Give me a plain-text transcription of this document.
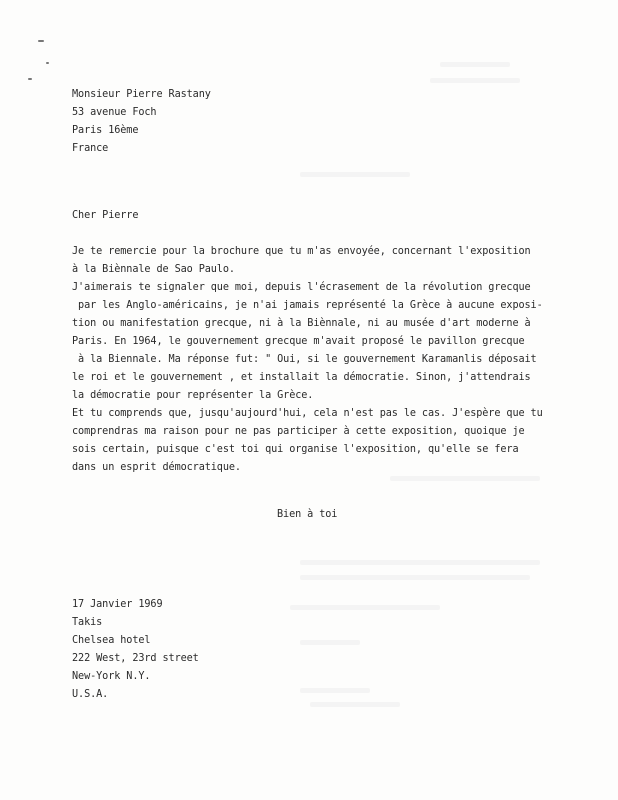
Monsieur Pierre Rastany
53 avenue Foch
Paris 16ème
France
Cher Pierre
Je te remercie pour la brochure que tu m'as envoyée, concernant l'exposition
à la Biènnale de Sao Paulo.
J'aimerais te signaler que moi, depuis l'écrasement de la révolution grecque
par les Anglo-américains, je n'ai jamais représenté la Grèce à aucune exposi-
tion ou manifestation grecque, ni à la Biènnale, ni au musée d'art moderne à
Paris. En 1964, le gouvernement grecque m'avait proposé le pavillon grecque
à la Biennale. Ma réponse fut: " Oui, si le gouvernement Karamanlis déposait
le roi et le gouvernement , et installait la démocratie. Sinon, j'attendrais
la démocratie pour représenter la Grèce.
Et tu comprends que, jusqu'aujourd'hui, cela n'est pas le cas. J'espère que tu
comprendras ma raison pour ne pas participer à cette exposition, quoique je
sois certain, puisque c'est toi qui organise l'exposition, qu'elle se fera
dans un esprit démocratique.
Bien à toi
17 Janvier 1969
Takis
Chelsea hotel
222 West, 23rd street
New-York N.Y.
U.S.A.
